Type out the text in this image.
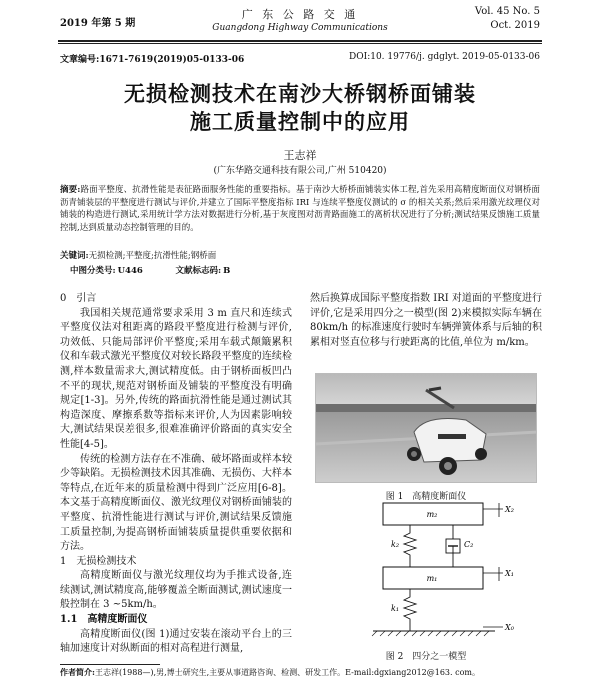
2019 年第 5 期
广 东 公 路 交 通
Guangdong Highway Communications
Vol. 45 No. 5
Oct. 2019
文章编号:1671-7619(2019)05-0133-06	DOI:10. 19776/j. gdglyt. 2019-05-0133-06
无损检测技术在南沙大桥钢桥面铺装
施工质量控制中的应用
王志祥
(广东华路交通科技有限公司,广州 510420)
摘要:路面平整度、抗滑性能是表征路面服务性能的重要指标。基于南沙大桥桥面铺装实体工程,首先采用高精度断面仪对钢桥面沥青铺装层的平整度进行测试与评价,并建立了国际平整度指标 IRI 与连续平整度仪测试的 σ 的相关关系;然后采用激光纹理仪对铺装的构造进行测试,采用统计学方法对数据进行分析,基于灰度图对沥青路面施工的离析状况进行了分析;测试结果反馈施工质量控制,达到质量动态控制管理的目的。
关键词:无损检测;平整度;抗滑性能;钢桥面
中图分类号: U446	文献标志码: B
0　引言

我国相关规范通常要求采用 3 m 直尺和连续式平整度仪法对租距离的路段平整度进行检测与评价,功效低、只能局部评价平整度;采用车载式颠簸累积仪和车载式激光平整度仪对较长路段平整度的连续检测,样本数量需求大,测试精度低。由于钢桥面板凹凸不平的现状,规范对钢桥面及铺装的平整度没有明确规定[1-3]。另外,传统的路面抗滑性能是通过测试其构造深度、摩擦系数等指标来评价,人为因素影响较大,测试结果误差很多,很难准确评价路面的真实安全性能[4-5]。

传统的检测方法存在不准确、破坏路面或样本较少等缺陷。无损检测技术因其准确、无损伤、大样本等特点,在近年来的质量检测中得到广泛应用[6-8]。本文基于高精度断面仪、激光纹理仪对钢桥面铺装的平整度、抗滑性能进行测试与评价,测试结果反馈施工质量控制,为提高钢桥面铺装质量提供重要依据和方法。

1　无损检测技术

高精度断面仪与激光纹理仪均为手推式设备,连续测试,测试精度高,能够覆盖全断面测试,测试速度一般控制在 3 ~5km/h。

1.1　高精度断面仪

高精度断面仪(图 1)通过安装在滚动平台上的三轴加速度计对纵断面的相对高程进行测量,

然后换算成国际平整度指数 IRI 对道面的平整度进行评价,它是采用四分之一模型(图 2)来模拟实际车辆在 80km/h 的标准速度行驶时车辆弹簧体系与后轴的积累相对竖直位移与行驶距离的比值,单位为 m/km。

图 1　高精度断面仪
m₂
X₂
k₂	C₂
m₁
X₁
k₁
X₀
图 2　四分之一模型
作者简介:王志祥(1988—),男,博士研究生,主要从事道路咨询、检测、研发工作。E-mail:dgxiang2012@163. com。
